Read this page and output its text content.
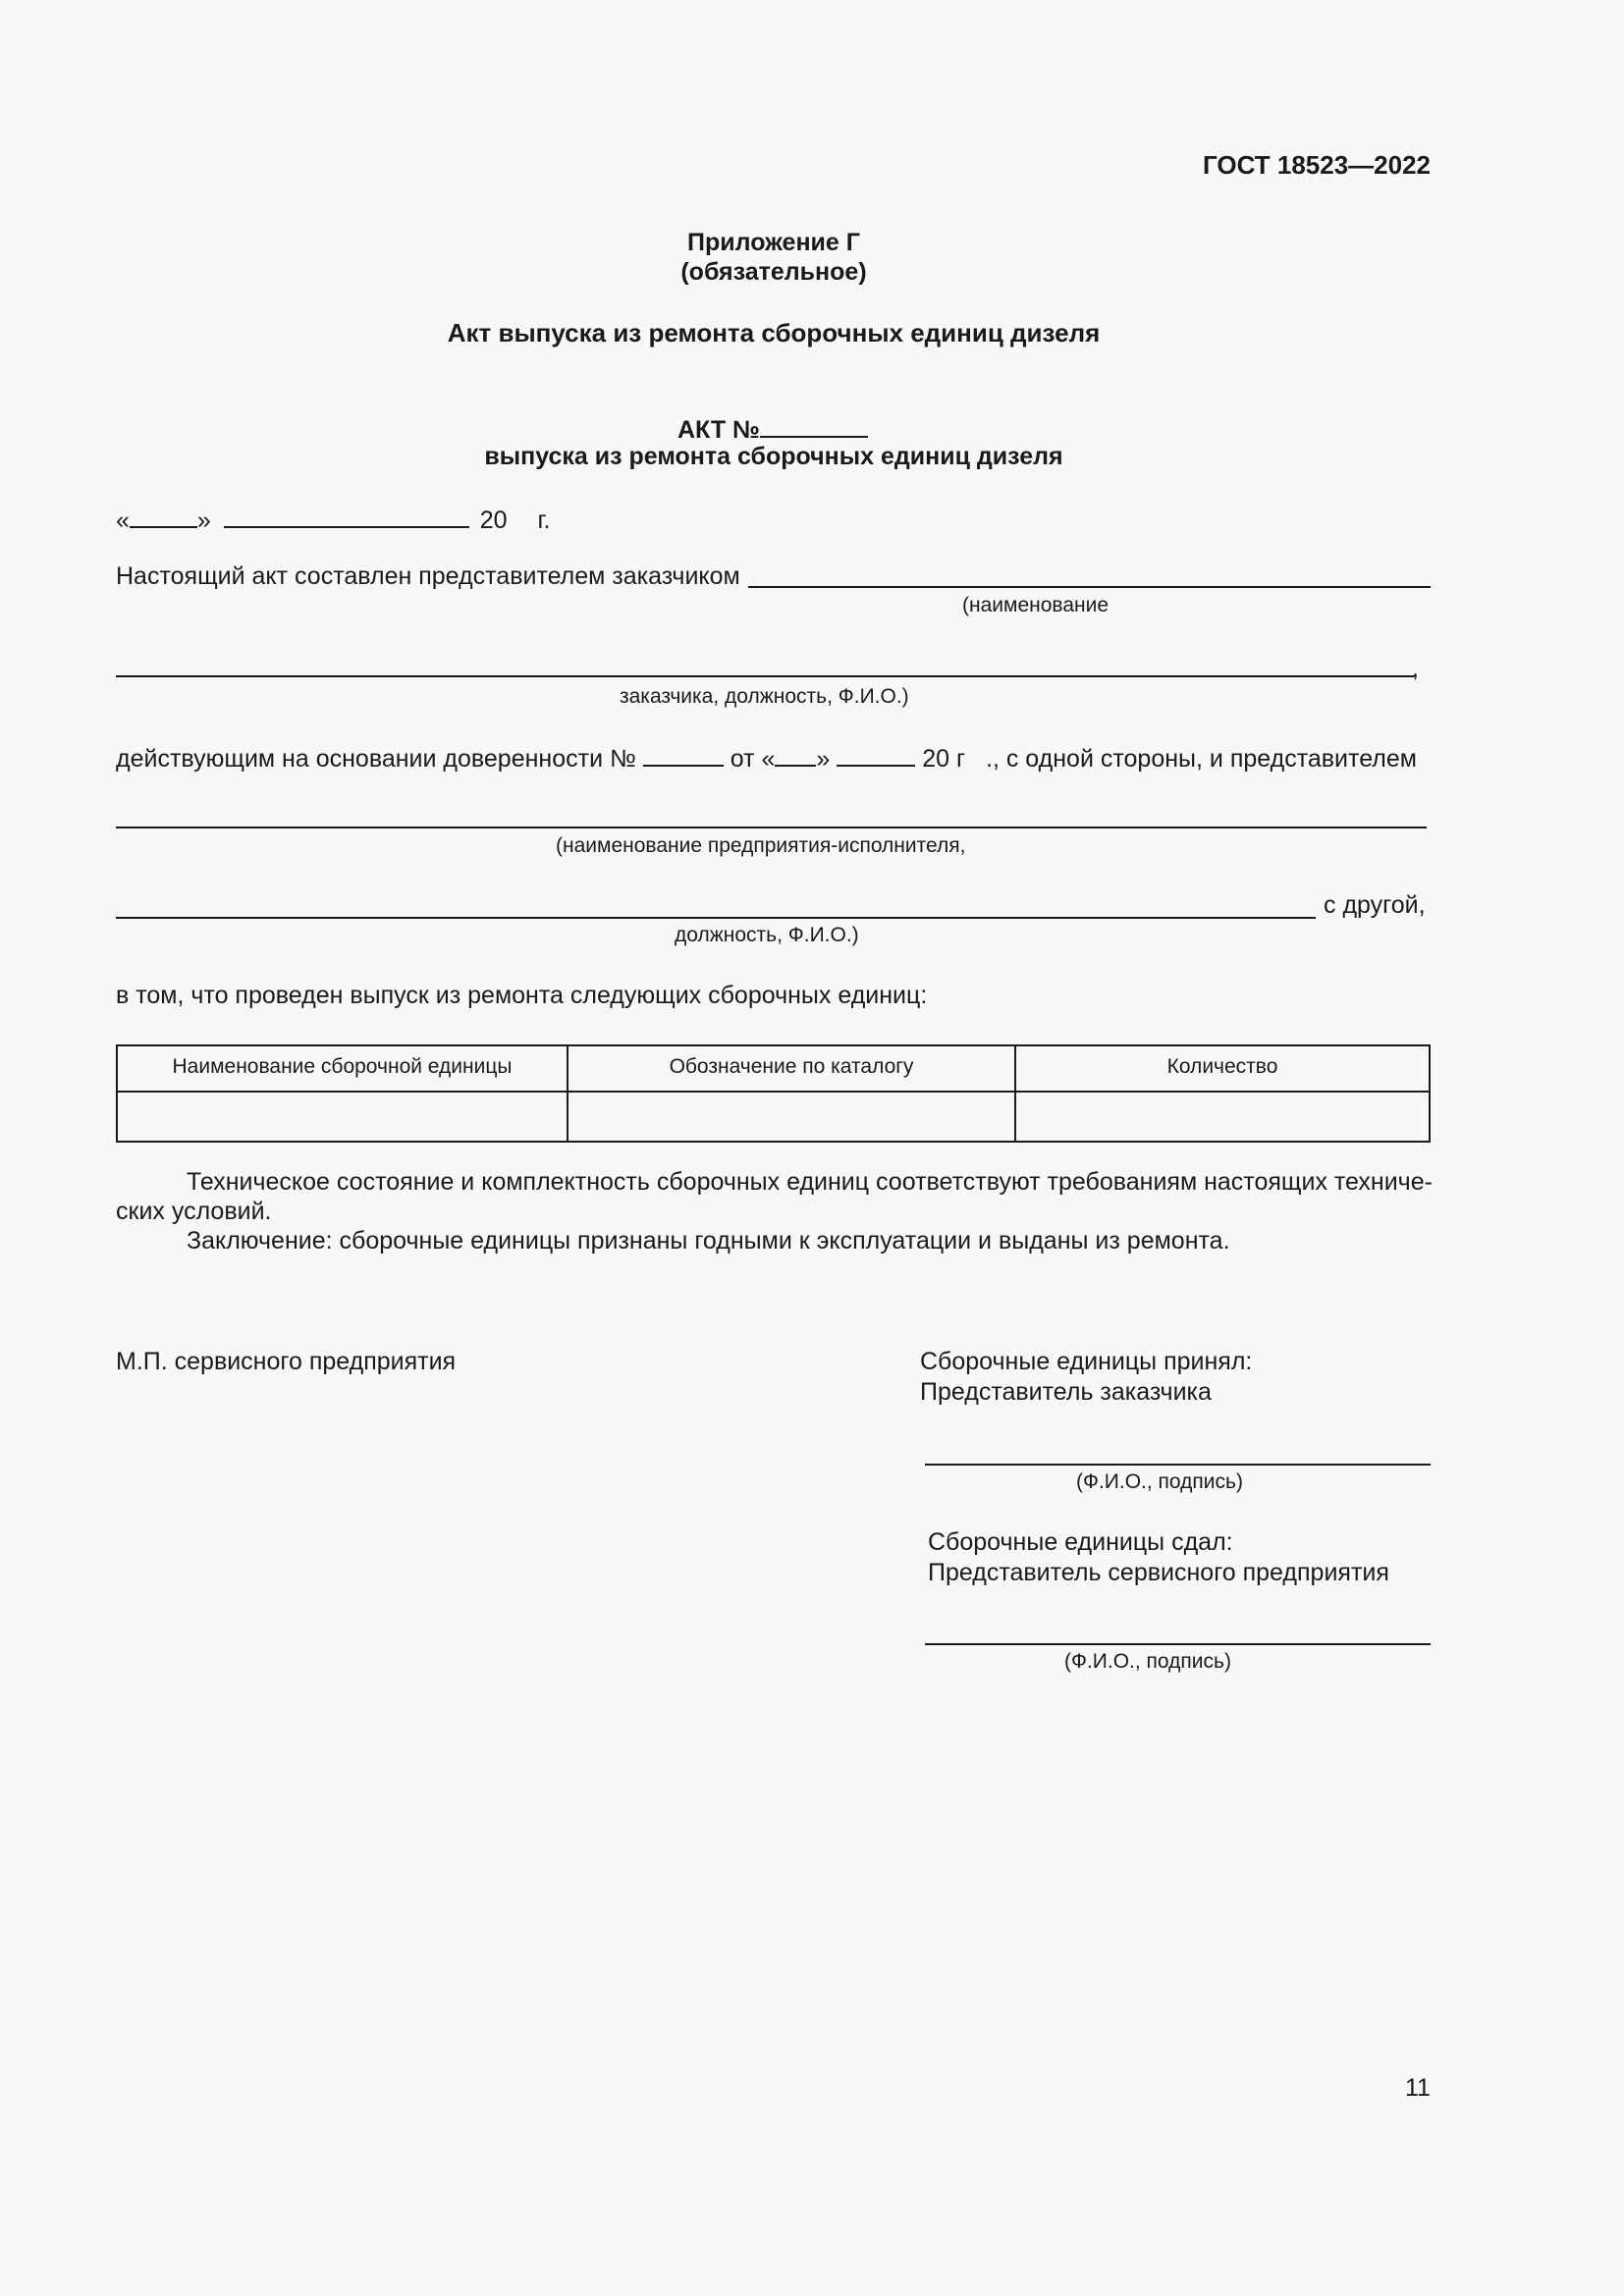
ГОСТ 18523—2022
Приложение Г
(обязательное)
Акт выпуска из ремонта сборочных единиц дизеля
АКТ №
выпуска из ремонта сборочных единиц дизеля
«	»	20 г.
Настоящий акт составлен представителем заказчиком
(наименование
,
заказчика, должность, Ф.И.О.)
действующим на основании доверенности №	от « »	20 г ., с одной стороны, и представителем
(наименование предприятия-исполнителя,
с другой,
должность, Ф.И.О.)
в том, что проведен выпуск из ремонта следующих сборочных единиц:
Наименование сборочной единицы	Обозначение по каталогу	Количество
Техническое состояние и комплектность сборочных единиц соответствуют требованиям настоящих техниче-
ских условий.
Заключение: сборочные единицы признаны годными к эксплуатации и выданы из ремонта.
М.П. сервисного предприятия	Сборочные единицы принял:
Представитель заказчика
(Ф.И.О., подпись)
Сборочные единицы сдал:
Представитель сервисного предприятия
(Ф.И.О., подпись)
11
